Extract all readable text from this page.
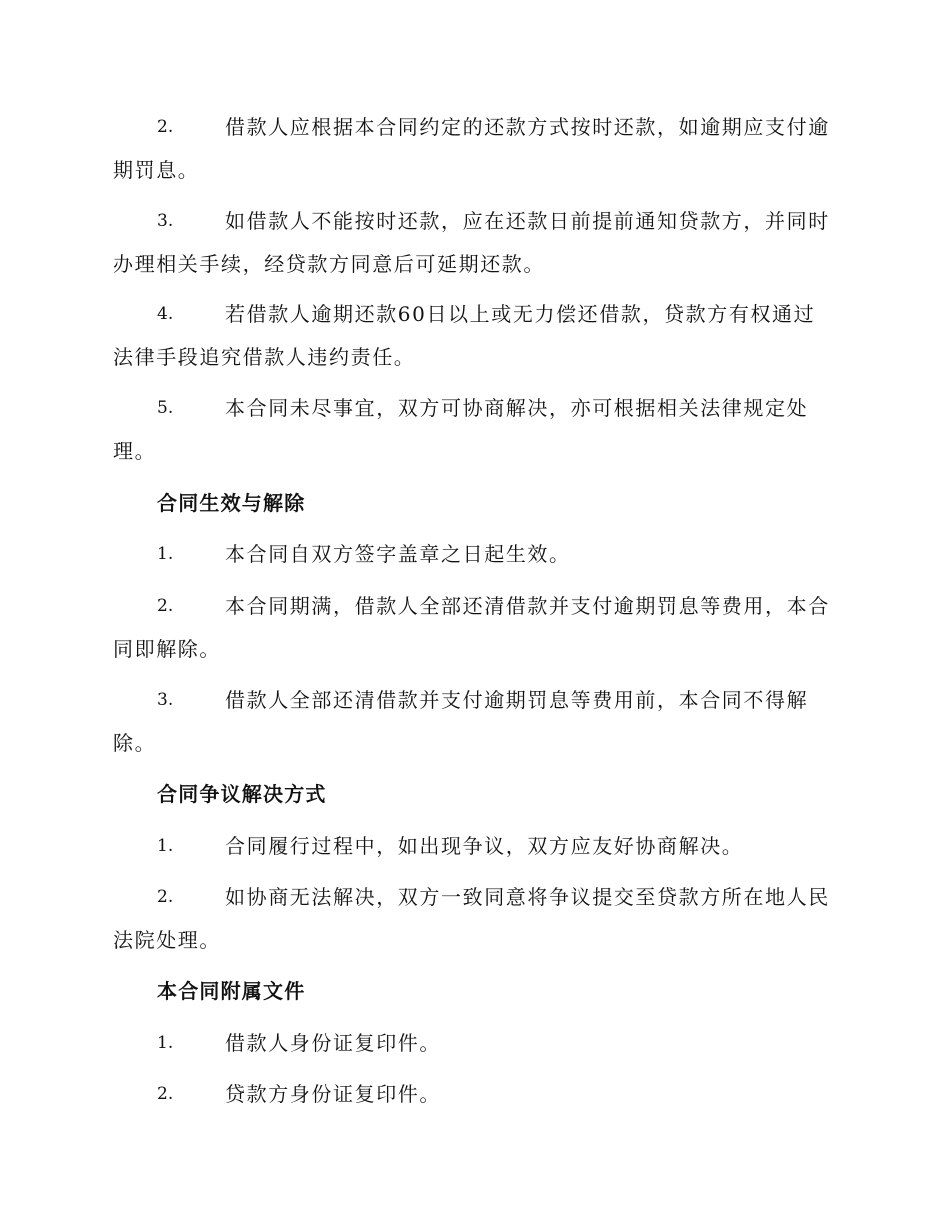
2.	借款人应根据本合同约定的还款方式按时还款，如逾期应支付逾
期罚息。
3.	如借款人不能按时还款，应在还款日前提前通知贷款方，并同时
办理相关手续，经贷款方同意后可延期还款。
4.	若借款人逾期还款60日以上或无力偿还借款，贷款方有权通过
法律手段追究借款人违约责任。
5.	本合同未尽事宜，双方可协商解决，亦可根据相关法律规定处
理。
合同生效与解除
1.	本合同自双方签字盖章之日起生效。
2.	本合同期满，借款人全部还清借款并支付逾期罚息等费用，本合
同即解除。
3.	借款人全部还清借款并支付逾期罚息等费用前，本合同不得解
除。
合同争议解决方式
1.	合同履行过程中，如出现争议，双方应友好协商解决。
2.	如协商无法解决，双方一致同意将争议提交至贷款方所在地人民
法院处理。
本合同附属文件
1.	借款人身份证复印件。
2.	贷款方身份证复印件。
